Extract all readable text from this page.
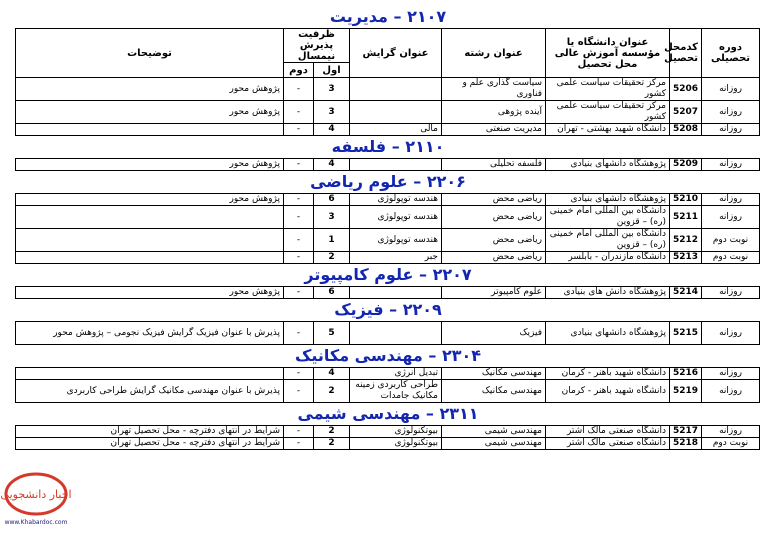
۲۱۰۷ – مدیریت
دوره تحصیلی	کدمحل تحصیل	عنوان دانشگاه یا مؤسسه آموزش عالی محل تحصیل	عنوان رشته	عنوان گرایش	ظرفیت پذیرش نیمسال		توضیحات
					اول	دوم	
روزانه	5206	مرکز تحقیقات سیاست علمی کشور	سیاست گذاری علم و فناوری		3	-	پژوهش محور
روزانه	5207	مرکز تحقیقات سیاست علمی کشور	آینده پژوهی		3	-	پژوهش محور
روزانه	5208	دانشگاه شهید بهشتی - تهران	مدیریت صنعتی	مالی	4	-	
۲۱۱۰ – فلسفه
روزانه	5209	پژوهشگاه دانشهای بنیادی	فلسفه تحلیلی		4	-	پژوهش محور
۲۲۰۶ – علوم ریاضی
روزانه	5210	پژوهشگاه دانشهای بنیادی	ریاضی محض	هندسه توپولوژی	6	-	پژوهش محور
روزانه	5211	دانشگاه بین المللی امام خمینی (ره) – قزوین	ریاضی محض	هندسه توپولوژی	3	-	
نوبت دوم	5212	دانشگاه بین المللی امام خمینی (ره) – قزوین	ریاضی محض	هندسه توپولوژی	1	-	
نوبت دوم	5213	دانشگاه مازندران - بابلسر	ریاضی محض	جبر	2	-	
۲۲۰۷ – علوم کامپیوتر
روزانه	5214	پژوهشگاه دانش های بنیادی	علوم کامپیوتر		6	-	پژوهش محور
۲۲۰۹ – فیزیک
روزانه	5215	پژوهشگاه دانشهای بنیادی	فیزیک		5	-	پذیرش با عنوان فیزیک گرایش فیزیک نجومی – پژوهش محور
۲۳۰۴ – مهندسی مکانیک
روزانه	5216	دانشگاه شهید باهنر - کرمان	مهندسی مکانیک	تبدیل انرژی	4	-	
روزانه	5219	دانشگاه شهید باهنر - کرمان	مهندسی مکانیک	طراحی کاربردی زمینه مکانیک جامدات	2	-	پذیرش با عنوان مهندسی مکانیک گرایش طراحی کاربردی
۲۳۱۱ – مهندسی شیمی
روزانه	5217	دانشگاه صنعتی مالک اشتر	مهندسی شیمی	بیوتکنولوژی	2	-	شرایط در انتهای دفترچه - محل تحصیل تهران
نوبت دوم	5218	دانشگاه صنعتی مالک اشتر	مهندسی شیمی	بیوتکنولوژی	2	-	شرایط در انتهای دفترچه - محل تحصیل تهران
اخبار دانشجویی
www.Khabardoc.com
